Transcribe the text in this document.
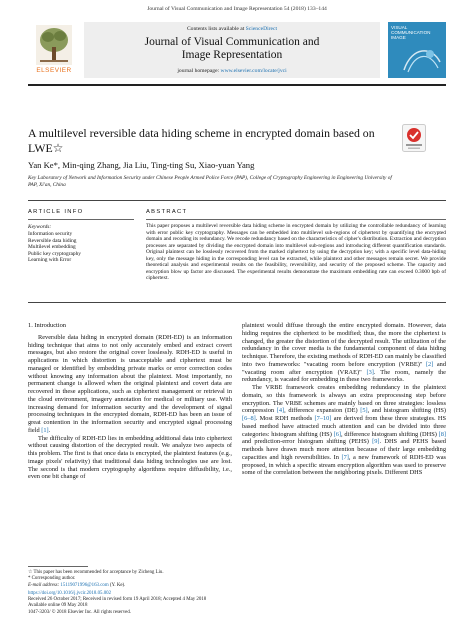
Journal of Visual Communication and Image Representation 54 (2018) 133–144
ELSEVIER
Contents lists available at ScienceDirect
Journal of Visual Communication and
Image Representation
journal homepage: www.elsevier.com/locate/jvci
VISUAL
COMMUNICATION
IMAGE
A multilevel reversible data hiding scheme in encrypted domain based on
LWE☆
Yan Ke*, Min-qing Zhang, Jia Liu, Ting-ting Su, Xiao-yuan Yang
Key Laboratory of Network and Information Security under Chinese People Armed Police Force (PAP), College of Cryptography Engineering in Engineering University of
PAP, Xi'an, China
ARTICLE INFO	ABSTRACT
Keywords:
Information security
Reversible data hiding
Multilevel embedding
Public key cryptography
Learning with Error
This paper proposes a multilevel reversible data hiding scheme in encrypted domain by utilizing the controllable redundancy of learning with error public key cryptography. Messages can be embedded into multilevel sub-regions of ciphertext by quantifying the encrypted domain and recoding its redundancy. We recode redundancy based on the characteristics of cipher's distribution. Extraction and decryption processes are separated by dividing the encrypted domain into multilevel sub-regions and introducing different quantification standards. Original plaintext can be losslessly recovered from the marked ciphertext by using the decryption key; with a specific level data-hiding key, only the message hiding in the corresponding level can be extracted, while plaintext and other messages remain secret. We provide theoretical analysis and experimental results on the feasibility, reversibility, and security of the proposed scheme. The capacity and encryption blow up factor are discussed. The experimental results demonstrate the maximum embedding rate can exceed 0.3000 bpb of ciphertext.
1. Introduction

Reversible data hiding in encrypted domain (RDH-ED) is an information hiding technique that aims to not only accurately embed and extract covert messages, but also restore the original cover losslessly. RDH-ED is useful in applications in which distortion is unacceptable and ciphertext must be managed or identified by embedding private marks or error correction codes without knowing any information about the plaintext. Most importantly, no permanent change is allowed when the original plaintext and covert data are recovered in these applications, such as ciphertext management or retrieval in the cloud environment, imagery annotation for medical or military use. With increasing demand for information security and the development of signal processing techniques in the encrypted domain, RDH-ED has been an issue of great contention in the information security and encrypted signal processing field [1].

The difficulty of RDH-ED lies in embedding additional data into ciphertext without causing distortion of the decrypted result. We analyze two aspects of this problem. The first is that once data is encrypted, the plaintext features (e.g., image pixels' relativity) that traditional data hiding technologies use are lost. The second is that modern cryptography algorithms require diffusibility, i.e., even one bit change of

plaintext would diffuse through the entire encrypted domain. However, data hiding requires the ciphertext to be modified; thus, the more the ciphertext is changed, the greater the distortion of the decrypted result. The utilization of the redundancy in the cover media is the fundamental component of data hiding technique. Therefore, the existing methods of RDH-ED can mainly be classified into two frameworks: "vacating room before encryption (VRBE)" [2] and "vacating room after encryption (VRAE)" [3]. The room, namely the redundancy, is vacated for embedding in these two frameworks.

The VRBE framework creates embedding redundancy in the plaintext domain, so this framework is always an extra preprocessing step before encryption. The VRBE schemes are mainly based on three strategies: lossless compression [4], difference expansion (DE) [5], and histogram shifting (HS) [6–8]. Most RDH methods [7–10] are derived from these three strategies. HS based method have attracted much attention and can be divided into three categories: histogram shifting (HS) [6], difference histogram shifting (DHS) [8] and prediction-error histogram shifting (PEHS) [9]. DHS and PEHS based methods have drawn much more attention because of their large embedding capacities and high reversibilities. In [7], a new framework of RDH-ED was proposed, in which a specific stream encryption algorithm was used to preserve some of the correlation between the neighboring pixels. Different DHS

☆ This paper has been recommended for acceptance by Zicheng Liu.
* Corresponding author.
E-mail address: 15119071996@163.com (Y. Ke).
https://doi.org/10.1016/j.jvcir.2018.05.002
Received 26 October 2017; Received in revised form 19 April 2018; Accepted 4 May 2018
Available online 09 May 2018
1047-3203/ © 2018 Elsevier Inc. All rights reserved.
